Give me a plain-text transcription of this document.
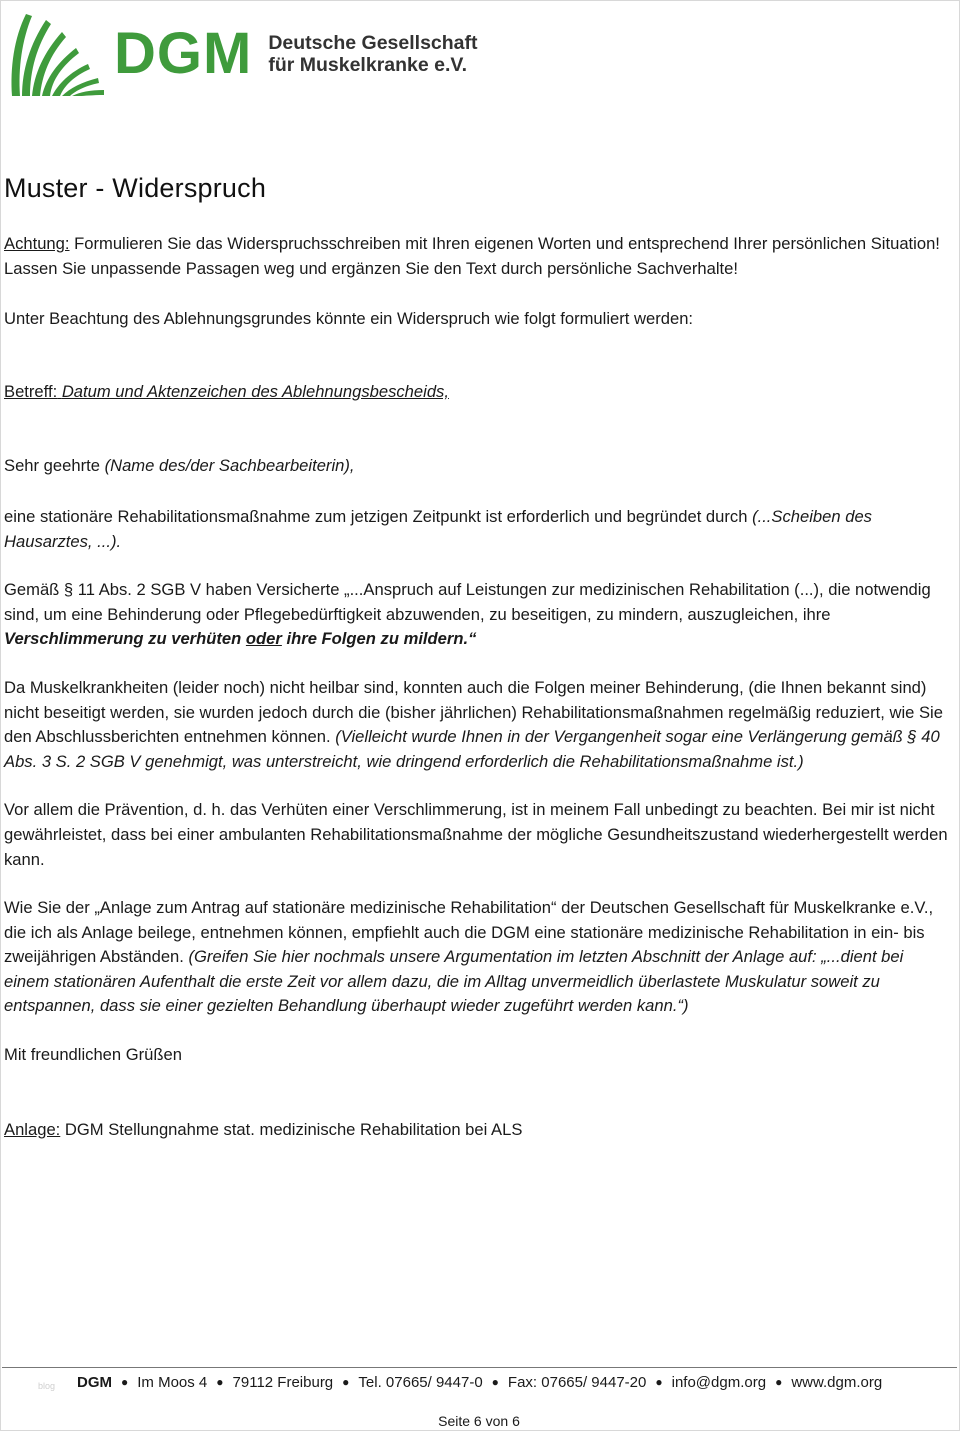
DGM Deutsche Gesellschaft
für Muskelkranke e.V.
Muster - Widerspruch

Achtung: Formulieren Sie das Widerspruchsschreiben mit Ihren eigenen Worten und entsprechend Ihrer persönlichen Situation! Lassen Sie unpassende Passagen weg und ergänzen Sie den Text durch persönliche Sachverhalte!

Unter Beachtung des Ablehnungsgrundes könnte ein Widerspruch wie folgt formuliert werden:

Betreff: Datum und Aktenzeichen des Ablehnungsbescheids,

Sehr geehrte (Name des/der Sachbearbeiterin),

eine stationäre Rehabilitationsmaßnahme zum jetzigen Zeitpunkt ist erforderlich und begründet durch (...Scheiben des Hausarztes, ...).

Gemäß § 11 Abs. 2 SGB V haben Versicherte „...Anspruch auf Leistungen zur medizinischen Rehabilitation (...), die notwendig sind, um eine Behinderung oder Pflegebedürftigkeit abzuwenden, zu beseitigen, zu mindern, auszugleichen, ihre Verschlimmerung zu verhüten oder ihre Folgen zu mildern.“

Da Muskelkrankheiten (leider noch) nicht heilbar sind, konnten auch die Folgen meiner Behinderung, (die Ihnen bekannt sind) nicht beseitigt werden, sie wurden jedoch durch die (bisher jährlichen) Rehabilitationsmaßnahmen regelmäßig reduziert, wie Sie den Abschlussberichten entnehmen können. (Vielleicht wurde Ihnen in der Vergangenheit sogar eine Verlängerung gemäß § 40 Abs. 3 S. 2 SGB V genehmigt, was unterstreicht, wie dringend erforderlich die Rehabilitationsmaßnahme ist.)

Vor allem die Prävention, d. h. das Verhüten einer Verschlimmerung, ist in meinem Fall unbedingt zu beachten. Bei mir ist nicht gewährleistet, dass bei einer ambulanten Rehabilitationsmaßnahme der mögliche Gesundheitszustand wiederhergestellt werden kann.

Wie Sie der „Anlage zum Antrag auf stationäre medizinische Rehabilitation“ der Deutschen Gesellschaft für Muskelkranke e.V., die ich als Anlage beilege, entnehmen können, empfiehlt auch die DGM eine stationäre medizinische Rehabilitation in ein- bis zweijährigen Abständen. (Greifen Sie hier nochmals unsere Argumentation im letzten Abschnitt der Anlage auf: „...dient bei einem stationären Aufenthalt die erste Zeit vor allem dazu, die im Alltag unvermeidlich überlastete Muskulatur soweit zu entspannen, dass sie einer gezielten Behandlung überhaupt wieder zugeführt werden kann.“)

Mit freundlichen Grüßen

Anlage: DGM Stellungnahme stat. medizinische Rehabilitation bei ALS

blog DGM ● Im Moos 4 ● 79112 Freiburg ● Tel. 07665/ 9447-0 ● Fax: 07665/ 9447-20 ● info@dgm.org ● www.dgm.org
Seite 6 von 6
